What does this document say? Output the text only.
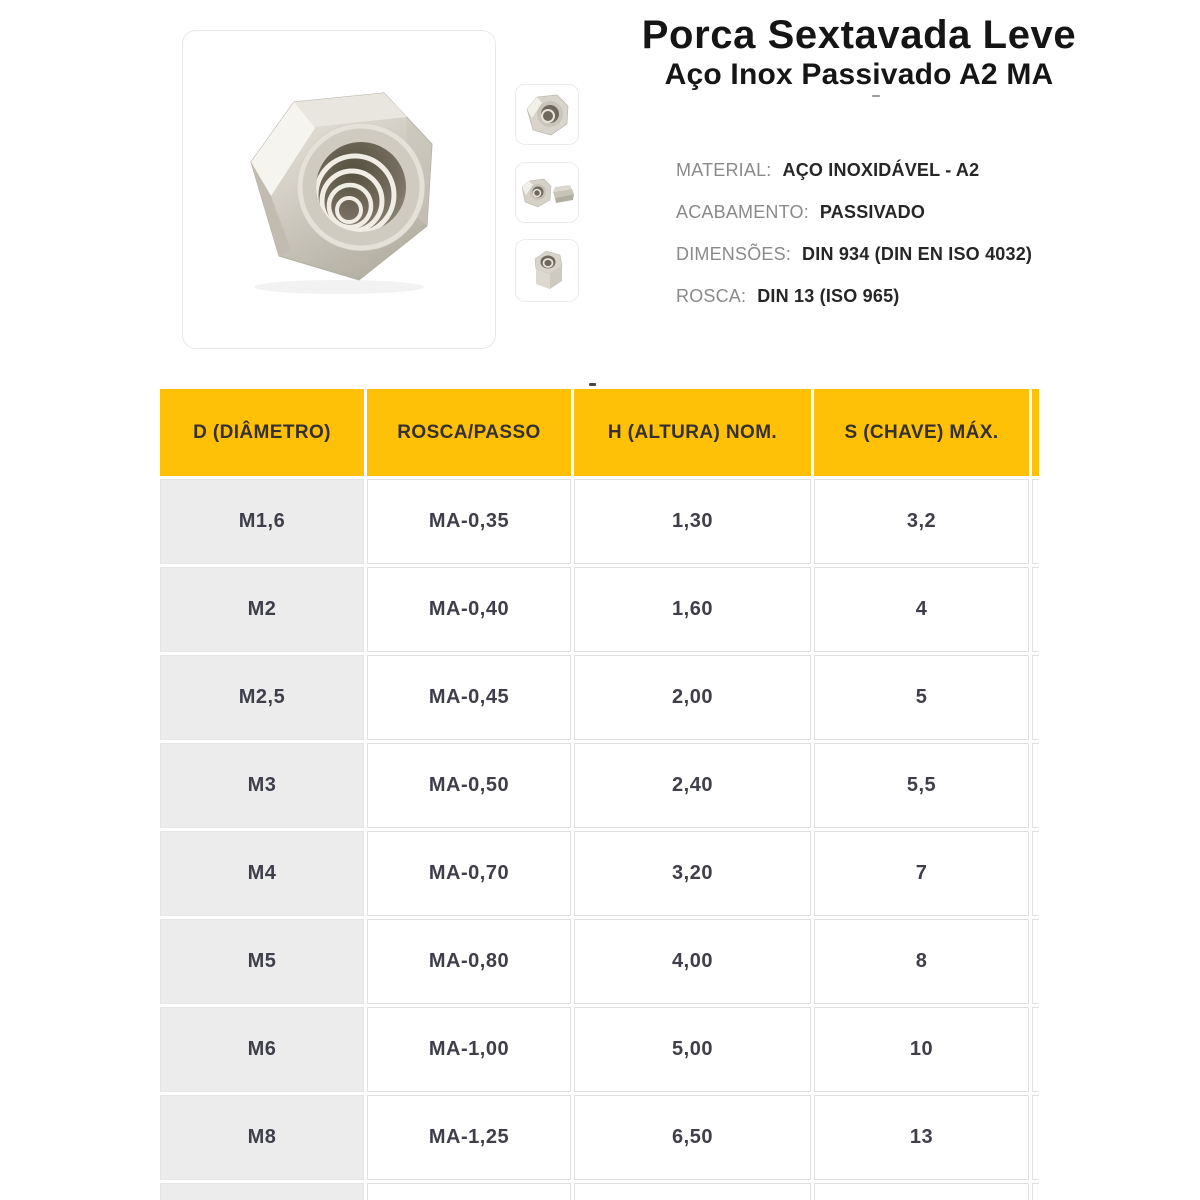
Porca Sextavada Leve
Aço Inox Passivado A2 MA
MATERIAL: AÇO INOXIDÁVEL - A2
ACABAMENTO: PASSIVADO
DIMENSÕES: DIN 934 (DIN EN ISO 4032)
ROSCA: DIN 13 (ISO 965)
D (DIÂMETRO)	ROSCA/PASSO	H (ALTURA) NOM.	S (CHAVE) MÁX.	
M1,6	MA-0,35	1,30	3,2	
M2	MA-0,40	1,60	4	
M2,5	MA-0,45	2,00	5	
M3	MA-0,50	2,40	5,5	
M4	MA-0,70	3,20	7	
M5	MA-0,80	4,00	8	
M6	MA-1,00	5,00	10	
M8	MA-1,25	6,50	13	
